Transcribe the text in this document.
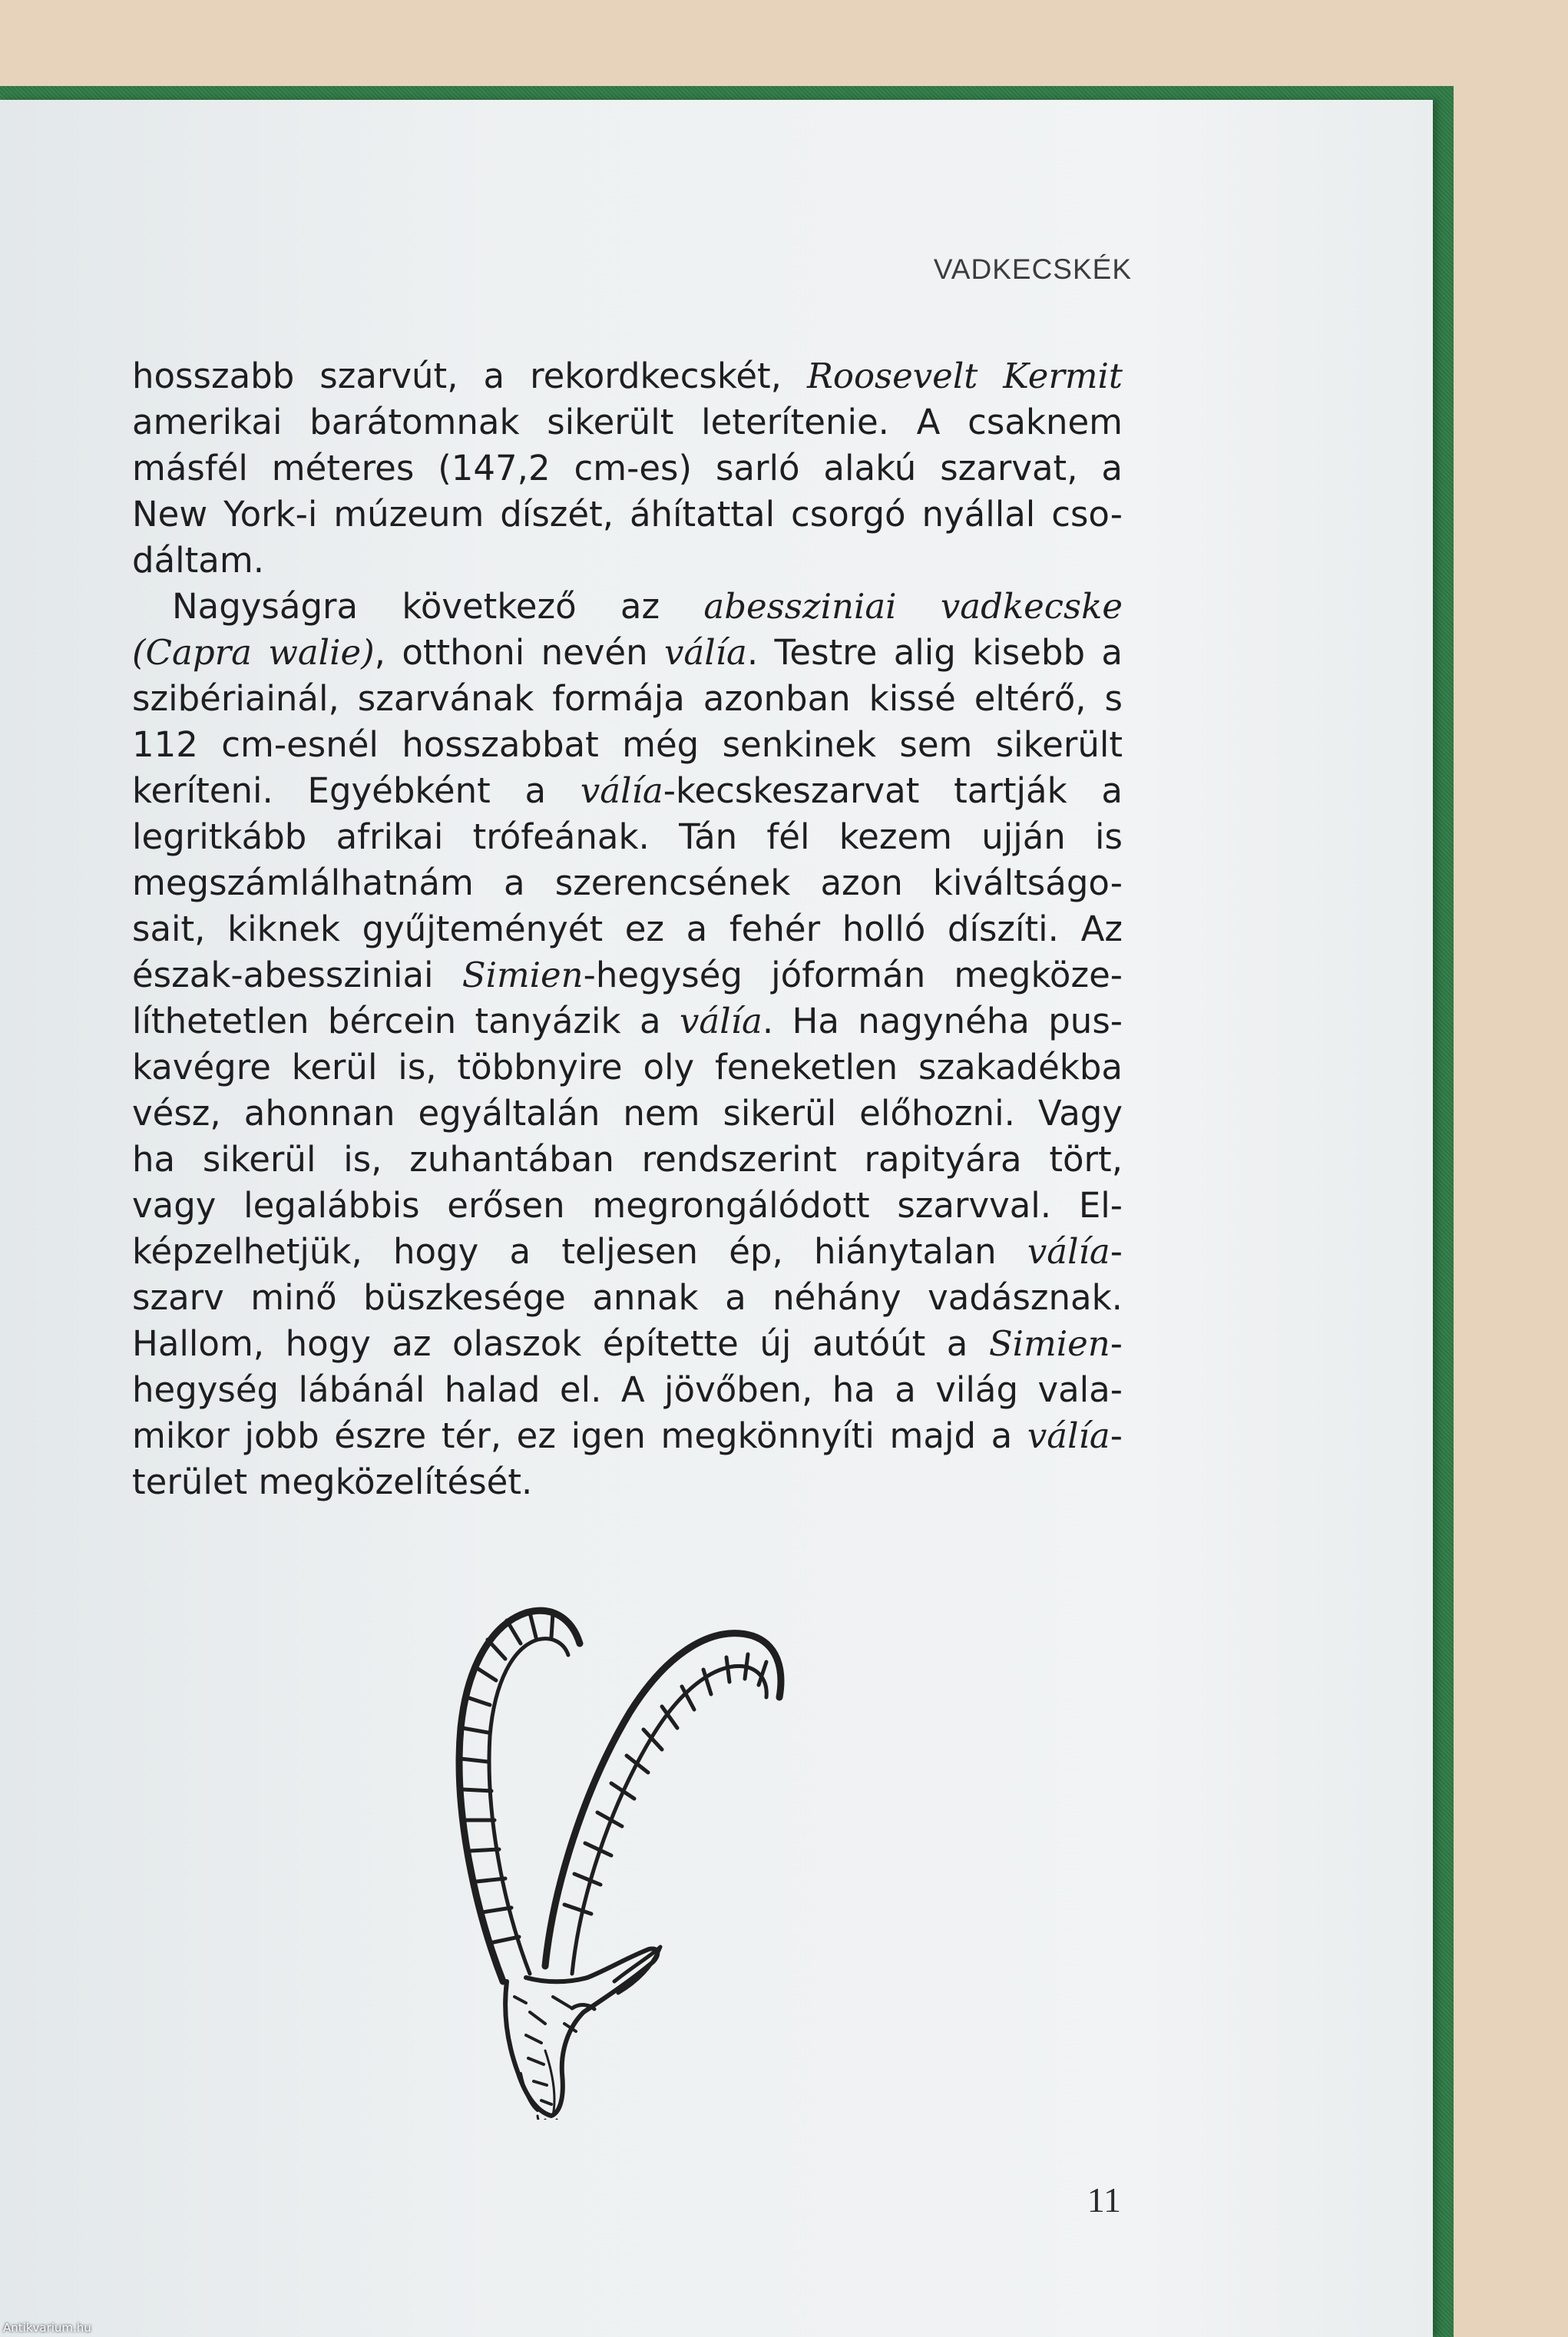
VADKECSKÉK

hosszabb szarvút, a rekordkecskét, Roosevelt Kermit

amerikai barátomnak sikerült leterítenie. A csaknem

másfél méteres (147,2 cm-es) sarló alakú szarvat, a

New York-i múzeum díszét, áhítattal csorgó nyállal cso-

dáltam.

Nagyságra következő az abessziniai vadkecske

(Capra walie), otthoni nevén válía. Testre alig kisebb a

szibériainál, szarvának formája azonban kissé eltérő, s

112 cm-esnél hosszabbat még senkinek sem sikerült

keríteni. Egyébként a válía-kecskeszarvat tartják a

legritkább afrikai trófeának. Tán fél kezem ujján is

megszámlálhatnám a szerencsének azon kiváltságo-

sait, kiknek gyűjteményét ez a fehér holló díszíti. Az

észak-abessziniai Simien-hegység jóformán megköze-

líthetetlen bércein tanyázik a válía. Ha nagynéha pus-

kavégre kerül is, többnyire oly feneketlen szakadékba

vész, ahonnan egyáltalán nem sikerül előhozni. Vagy

ha sikerül is, zuhantában rendszerint rapityára tört,

vagy legalábbis erősen megrongálódott szarvval. El-

képzelhetjük, hogy a teljesen ép, hiánytalan válía-

szarv minő büszkesége annak a néhány vadásznak.

Hallom, hogy az olaszok építette új autóút a Simien-

hegység lábánál halad el. A jövőben, ha a világ vala-

mikor jobb észre tér, ez igen megkönnyíti majd a válía-

terület megközelítését.

11
Antikvarium.hu
